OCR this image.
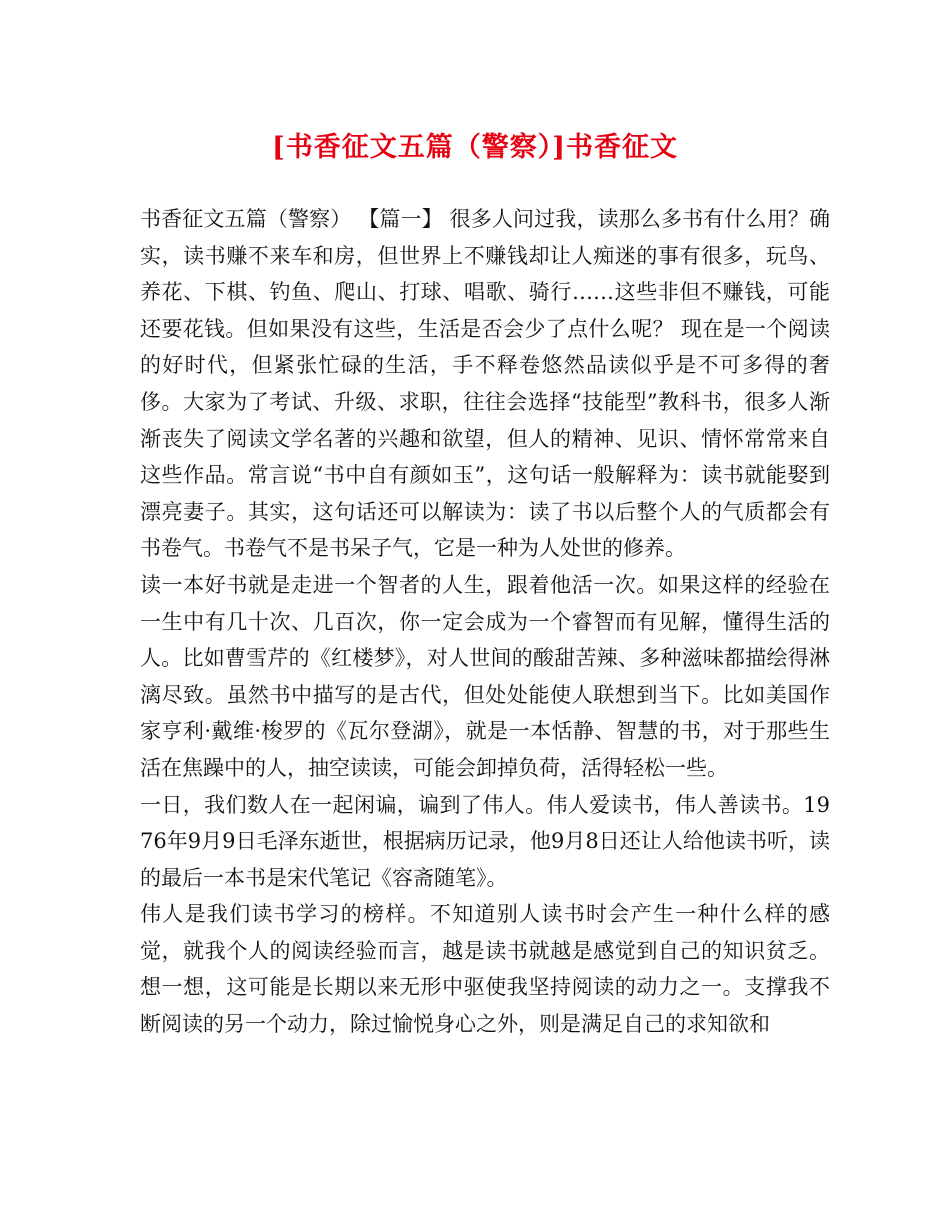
[书香征文五篇（警察）]书香征文

书香征文五篇（警察） 【篇一】 很多人问过我，读那么多书有什么用？确实，读书赚不来车和房，但世界上不赚钱却让人痴迷的事有很多，玩鸟、养花、下棋、钓鱼、爬山、打球、唱歌、骑行……这些非但不赚钱，可能还要花钱。但如果没有这些，生活是否会少了点什么呢？ 现在是一个阅读的好时代，但紧张忙碌的生活，手不释卷悠然品读似乎是不可多得的奢侈。大家为了考试、升级、求职，往往会选择“技能型”教科书，很多人渐渐丧失了阅读文学名著的兴趣和欲望，但人的精神、见识、情怀常常来自这些作品。常言说“书中自有颜如玉”，这句话一般解释为：读书就能娶到漂亮妻子。其实，这句话还可以解读为：读了书以后整个人的气质都会有书卷气。书卷气不是书呆子气，它是一种为人处世的修养。

读一本好书就是走进一个智者的人生，跟着他活一次。如果这样的经验在一生中有几十次、几百次，你一定会成为一个睿智而有见解，懂得生活的人。比如曹雪芹的《红楼梦》，对人世间的酸甜苦辣、多种滋味都描绘得淋漓尽致。虽然书中描写的是古代，但处处能使人联想到当下。比如美国作家亨利·戴维·梭罗的《瓦尔登湖》，就是一本恬静、智慧的书，对于那些生活在焦躁中的人，抽空读读，可能会卸掉负荷，活得轻松一些。

一日，我们数人在一起闲谝，谝到了伟人。伟人爱读书，伟人善读书。1976年9月9日毛泽东逝世，根据病历记录，他9月8日还让人给他读书听，读的最后一本书是宋代笔记《容斋随笔》。

伟人是我们读书学习的榜样。不知道别人读书时会产生一种什么样的感觉，就我个人的阅读经验而言，越是读书就越是感觉到自己的知识贫乏。想一想，这可能是长期以来无形中驱使我坚持阅读的动力之一。支撑我不断阅读的另一个动力，除过愉悦身心之外，则是满足自己的求知欲和
